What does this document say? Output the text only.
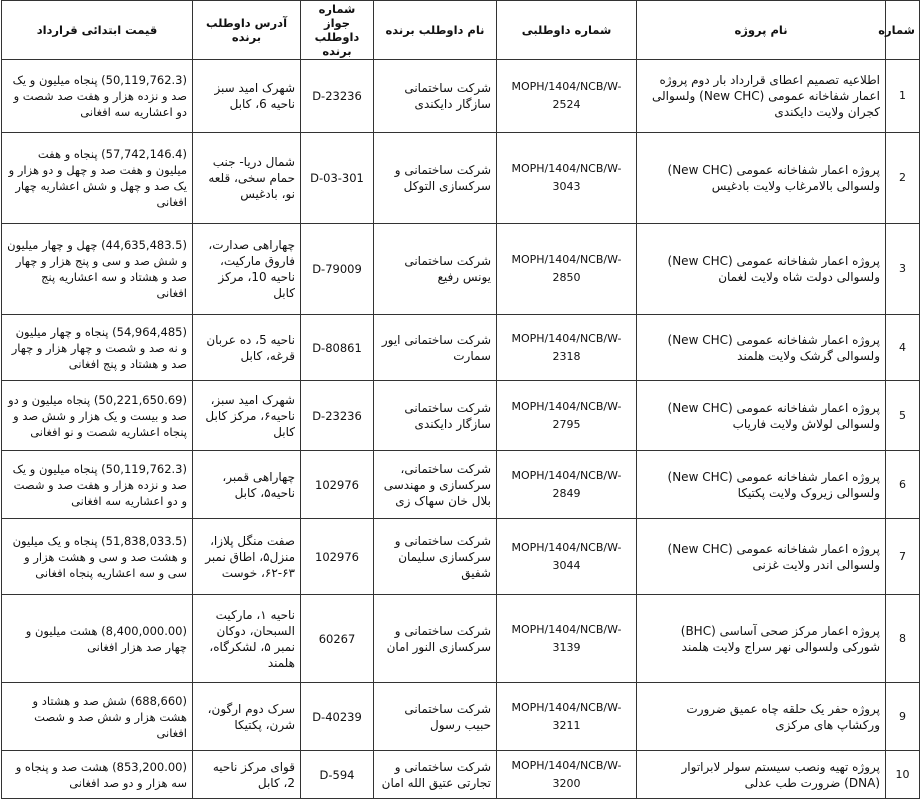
شماره	نام پروژه	شماره داوطلبی	نام داوطلب برنده	شماره جواز داوطلب برنده	آدرس داوطلب برنده	قیمت ابتدائی قرارداد
1	اطلاعیه تصمیم اعطای قرارداد بار دوم پروژه اعمار شفاخانه عمومی (New CHC) ولسوالی کجران ولایت دایکندی	MOPH/1404/NCB/W-2524	شرکت ساختمانی سازگار دایکندی	D-23236	شهرک امید سبز ناحیه 6، کابل	(50,119,762.3) پنجاه میلیون و یک صد و نزده هزار و هفت صد شصت و دو اعشاریه سه افغانی
2	پروژه اعمار شفاخانه عمومی (New CHC) ولسوالی بالامرغاب ولایت بادغیس	MOPH/1404/NCB/W-3043	شرکت ساختمانی و سرکسازی التوکل	D-03-301	شمال دریا- جنب حمام سخی، قلعه نو، بادغیس	(57,742,146.4) پنجاه و هفت میلیون و هفت صد و چهل و دو هزار و یک صد و چهل و شش اعشاریه چهار افغانی
3	پروژه اعمار شفاخانه عمومی (New CHC) ولسوالی دولت شاه ولایت لغمان	MOPH/1404/NCB/W-2850	شرکت ساختمانی یونس رفیع	D-79009	چهاراهی صدارت، فاروق مارکیت، ناحیه 10، مرکز کابل	(44,635,483.5) چهل و چهار میلیون و شش صد و سی و پنج هزار و چهار صد و هشتاد و سه اعشاریه پنج افغانی
4	پروژه اعمار شفاخانه عمومی (New CHC) ولسوالی گرشک ولایت هلمند	MOPH/1404/NCB/W-2318	شرکت ساختمانی ایور سمارت	D-80861	ناحیه 5، ده عربان قرغه، کابل	(54,964,485) پنجاه و چهار میلیون و نه صد و شصت و چهار هزار و چهار صد و هشتاد و پنج افغانی
5	پروژه اعمار شفاخانه عمومی (New CHC) ولسوالی لولاش ولایت فاریاب	MOPH/1404/NCB/W-2795	شرکت ساختمانی سازگار دایکندی	D-23236	شهرک امید سبز، ناحیه۶، مرکز کابل کابل	(50,221,650.69) پنجاه میلیون و دو صد و بیست و یک هزار و شش صد و پنجاه اعشاریه شصت و نو افغانی
6	پروژه اعمار شفاخانه عمومی (New CHC) ولسوالی زیروک ولایت پکتیکا	MOPH/1404/NCB/W-2849	شرکت ساختمانی، سرکسازی و مهندسی بلال خان سهاک زی	102976	چهاراهی قمبر، ناحیه۵، کابل	(50,119,762.3) پنجاه میلیون و یک صد و نزده هزار و هفت صد و شصت و دو اعشاریه سه افغانی
7	پروژه اعمار شفاخانه عمومی (New CHC) ولسوالی اندر ولایت غزنی	MOPH/1404/NCB/W-3044	شرکت ساختمانی و سرکسازی سلیمان شفیق	102976	صفت منگل پلازا، منزل۵، اطاق نمبر ۶۳-۶۲، خوست	(51,838,033.5) پنجاه و یک میلیون و هشت صد و سی و هشت هزار و سی و سه اعشاریه پنجاه افغانی
8	پروژه اعمار مرکز صحی آساسی (BHC) شورکی ولسوالی نهر سراج ولایت هلمند	MOPH/1404/NCB/W-3139	شرکت ساختمانی و سرکسازی النور امان	60267	ناحیه ۱، مارکیت السبحان، دوکان نمبر ۵، لشکرگاه، هلمند	(8,400,000.00) هشت میلیون و چهار صد هزار افغانی
9	پروژه حفر یک حلقه چاه عمیق ضرورت ورکشاپ های مرکزی	MOPH/1404/NCB/W-3211	شرکت ساختمانی حبیب رسول	D-40239	سرک دوم ارگون، شرن، پکتیکا	(688,660) شش صد و هشتاد و هشت هزار و شش صد و شصت افغانی
10	پروژه تهیه ونصب سیستم سولر لابراتوار (DNA) ضرورت طب عدلی	MOPH/1404/NCB/W-3200	شرکت ساختمانی و تجارتی عتیق الله امان	D-594	قوای مرکز ناحیه 2، کابل	(853,200.00) هشت صد و پنجاه و سه هزار و دو صد افغانی
